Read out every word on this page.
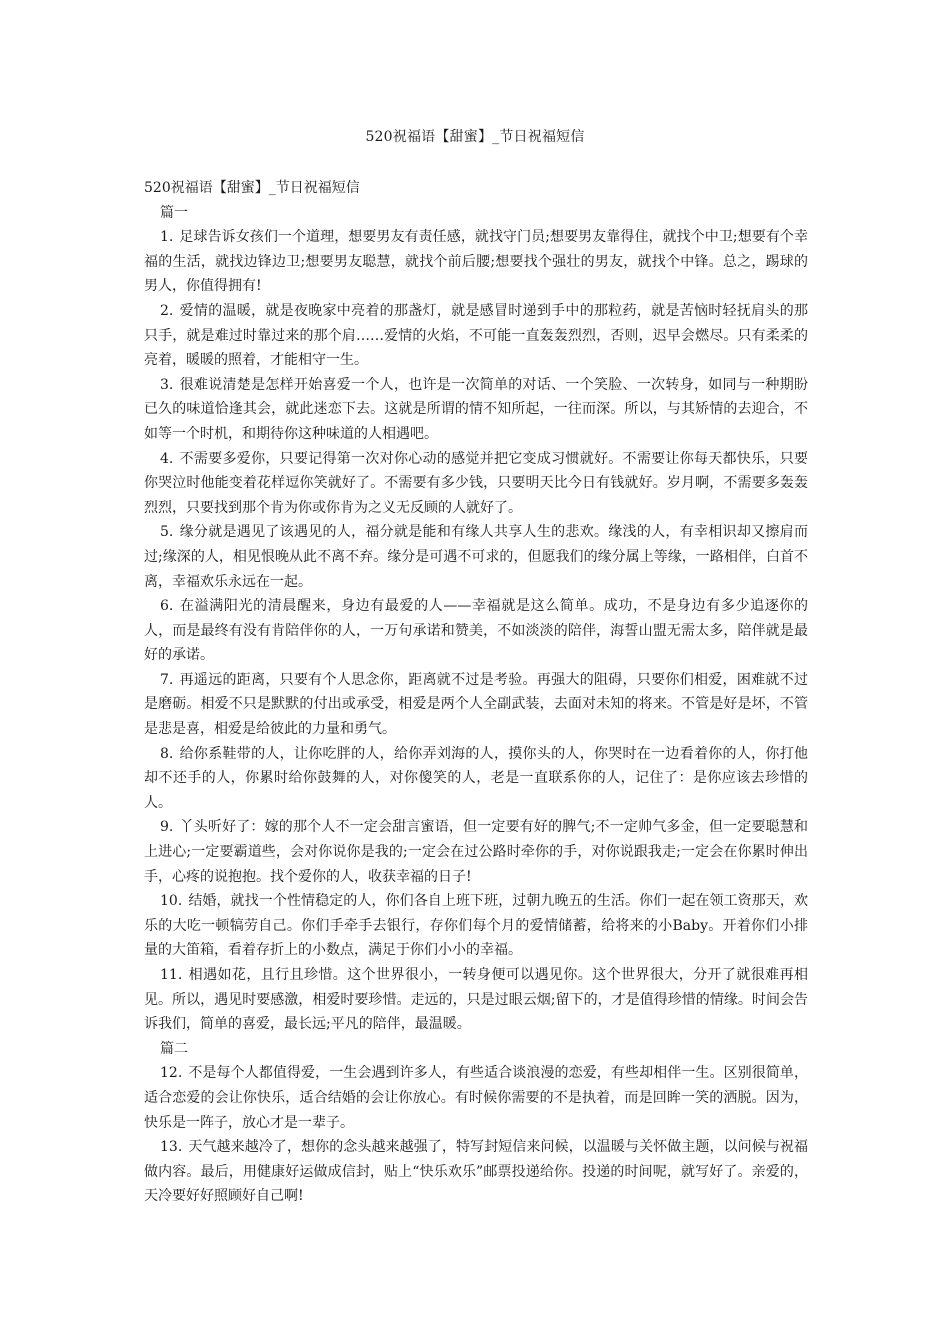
520祝福语【甜蜜】_节日祝福短信

520祝福语【甜蜜】_节日祝福短信

篇一

1. 足球告诉女孩们一个道理，想要男友有责任感，就找守门员;想要男友靠得住，就找个中卫;想要有个幸福的生活，就找边锋边卫;想要男友聪慧，就找个前后腰;想要找个强壮的男友，就找个中锋。总之，踢球的男人，你值得拥有!

2. 爱情的温暖，就是夜晚家中亮着的那盏灯，就是感冒时递到手中的那粒药，就是苦恼时轻抚肩头的那只手，就是难过时靠过来的那个肩……爱情的火焰，不可能一直轰轰烈烈，否则，迟早会燃尽。只有柔柔的亮着，暖暖的照着，才能相守一生。

3. 很难说清楚是怎样开始喜爱一个人，也许是一次简单的对话、一个笑脸、一次转身，如同与一种期盼已久的味道恰逢其会，就此迷恋下去。这就是所谓的情不知所起，一往而深。所以，与其矫情的去迎合，不如等一个时机，和期待你这种味道的人相遇吧。

4. 不需要多爱你，只要记得第一次对你心动的感觉并把它变成习惯就好。不需要让你每天都快乐，只要你哭泣时他能变着花样逗你笑就好了。不需要有多少钱，只要明天比今日有钱就好。岁月啊，不需要多轰轰烈烈，只要找到那个肯为你或你肯为之义无反顾的人就好了。

5. 缘分就是遇见了该遇见的人，福分就是能和有缘人共享人生的悲欢。缘浅的人，有幸相识却又擦肩而过;缘深的人，相见恨晚从此不离不弃。缘分是可遇不可求的，但愿我们的缘分属上等缘，一路相伴，白首不离，幸福欢乐永远在一起。

6. 在溢满阳光的清晨醒来，身边有最爱的人——幸福就是这么简单。成功，不是身边有多少追逐你的人，而是最终有没有肯陪伴你的人，一万句承诺和赞美，不如淡淡的陪伴，海誓山盟无需太多，陪伴就是最好的承诺。

7. 再遥远的距离，只要有个人思念你，距离就不过是考验。再强大的阻碍，只要你们相爱，困难就不过是磨砺。相爱不只是默默的付出或承受，相爱是两个人全副武装，去面对未知的将来。不管是好是坏，不管是悲是喜，相爱是给彼此的力量和勇气。

8. 给你系鞋带的人，让你吃胖的人，给你弄刘海的人，摸你头的人，你哭时在一边看着你的人，你打他却不还手的人，你累时给你鼓舞的人，对你傻笑的人，老是一直联系你的人，记住了：是你应该去珍惜的人。

9. 丫头听好了：嫁的那个人不一定会甜言蜜语，但一定要有好的脾气;不一定帅气多金，但一定要聪慧和上进心;一定要霸道些，会对你说你是我的;一定会在过公路时牵你的手，对你说跟我走;一定会在你累时伸出手，心疼的说抱抱。找个爱你的人，收获幸福的日子!

10. 结婚，就找一个性情稳定的人，你们各自上班下班，过朝九晚五的生活。你们一起在领工资那天，欢乐的大吃一顿犒劳自己。你们手牵手去银行，存你们每个月的爱情储蓄，给将来的小Baby。开着你们小排量的大笛箱，看着存折上的小数点，满足于你们小小的幸福。

11. 相遇如花，且行且珍惜。这个世界很小，一转身便可以遇见你。这个世界很大，分开了就很难再相见。所以，遇见时要感激，相爱时要珍惜。走远的，只是过眼云烟;留下的，才是值得珍惜的情缘。时间会告诉我们，简单的喜爱，最长远;平凡的陪伴，最温暖。

篇二

12. 不是每个人都值得爱，一生会遇到许多人，有些适合谈浪漫的恋爱，有些却相伴一生。区别很简单，适合恋爱的会让你快乐，适合结婚的会让你放心。有时候你需要的不是执着，而是回眸一笑的洒脱。因为，快乐是一阵子，放心才是一辈子。

13. 天气越来越冷了，想你的念头越来越强了，特写封短信来问候，以温暖与关怀做主题，以问候与祝福做内容。最后，用健康好运做成信封，贴上“快乐欢乐”邮票投递给你。投递的时间呢，就写好了。亲爱的，天冷要好好照顾好自己啊!
